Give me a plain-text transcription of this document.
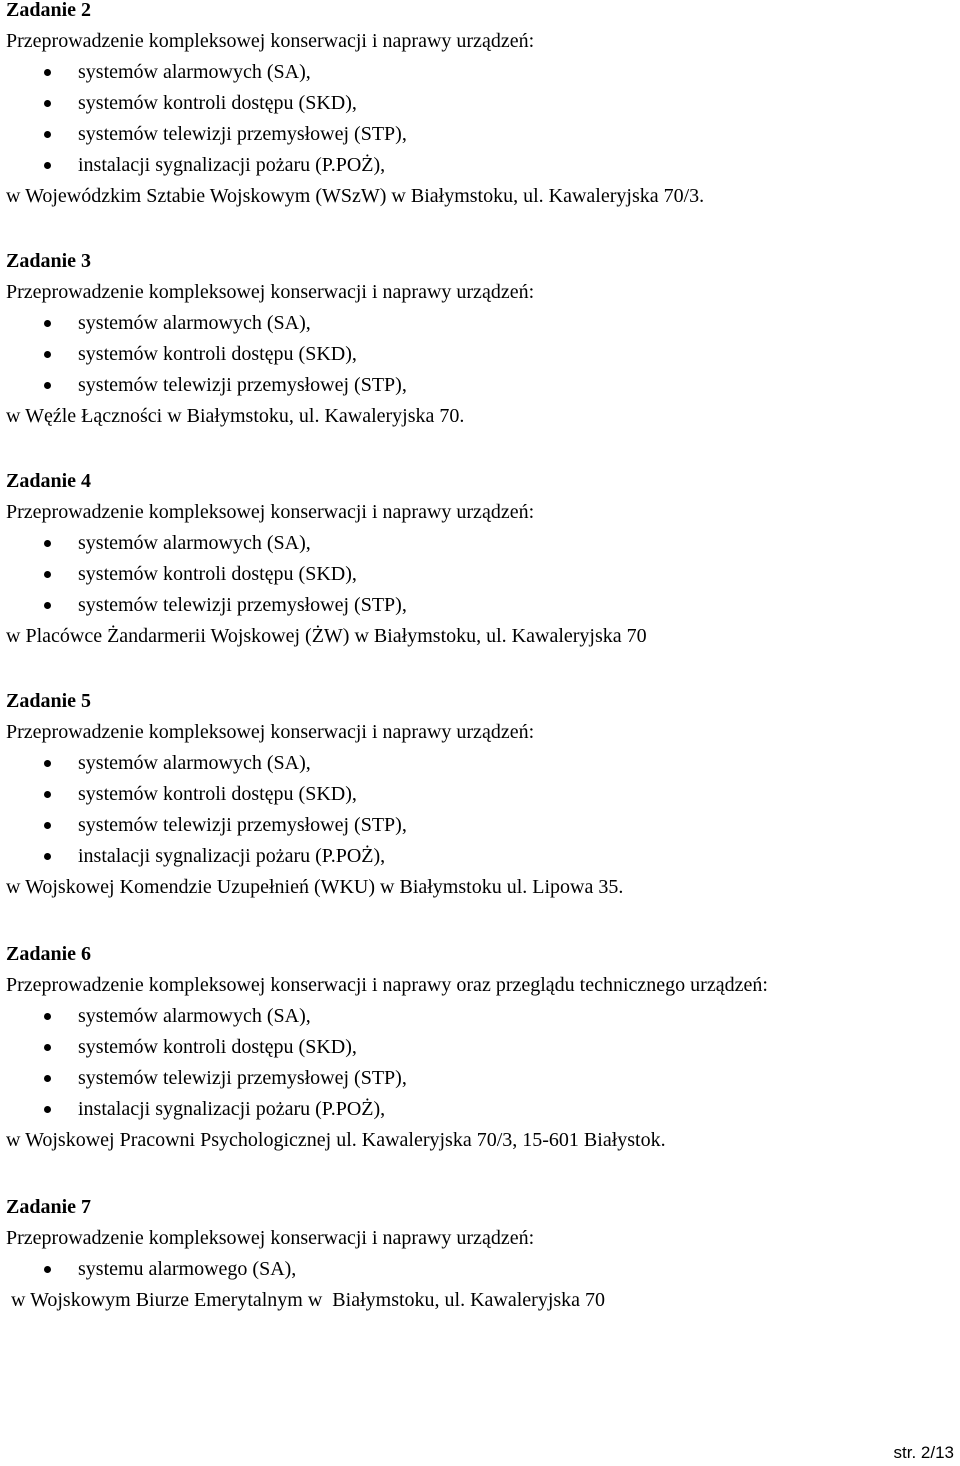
Zadanie 2
Przeprowadzenie kompleksowej konserwacji i naprawy urządzeń:
systemów alarmowych (SA),
systemów kontroli dostępu (SKD),
systemów telewizji przemysłowej (STP),
instalacji sygnalizacji pożaru (P.POŻ),
w Wojewódzkim Sztabie Wojskowym (WSzW) w Białymstoku, ul. Kawaleryjska 70/3.
Zadanie 3
Przeprowadzenie kompleksowej konserwacji i naprawy urządzeń:
systemów alarmowych (SA),
systemów kontroli dostępu (SKD),
systemów telewizji przemysłowej (STP),
w Węźle Łączności w Białymstoku, ul. Kawaleryjska 70.
Zadanie 4
Przeprowadzenie kompleksowej konserwacji i naprawy urządzeń:
systemów alarmowych (SA),
systemów kontroli dostępu (SKD),
systemów telewizji przemysłowej (STP),
w Placówce Żandarmerii Wojskowej (ŻW) w Białymstoku, ul. Kawaleryjska 70
Zadanie 5
Przeprowadzenie kompleksowej konserwacji i naprawy urządzeń:
systemów alarmowych (SA),
systemów kontroli dostępu (SKD),
systemów telewizji przemysłowej (STP),
instalacji sygnalizacji pożaru (P.POŻ),
w Wojskowej Komendzie Uzupełnień (WKU) w Białymstoku ul. Lipowa 35.
Zadanie 6
Przeprowadzenie kompleksowej konserwacji i naprawy oraz przeglądu technicznego urządzeń:
systemów alarmowych (SA),
systemów kontroli dostępu (SKD),
systemów telewizji przemysłowej (STP),
instalacji sygnalizacji pożaru (P.POŻ),
w Wojskowej Pracowni Psychologicznej ul. Kawaleryjska 70/3, 15-601 Białystok.
Zadanie 7
Przeprowadzenie kompleksowej konserwacji i naprawy urządzeń:
systemu alarmowego (SA),
w Wojskowym Biurze Emerytalnym w  Białymstoku, ul. Kawaleryjska 70
str. 2/13
